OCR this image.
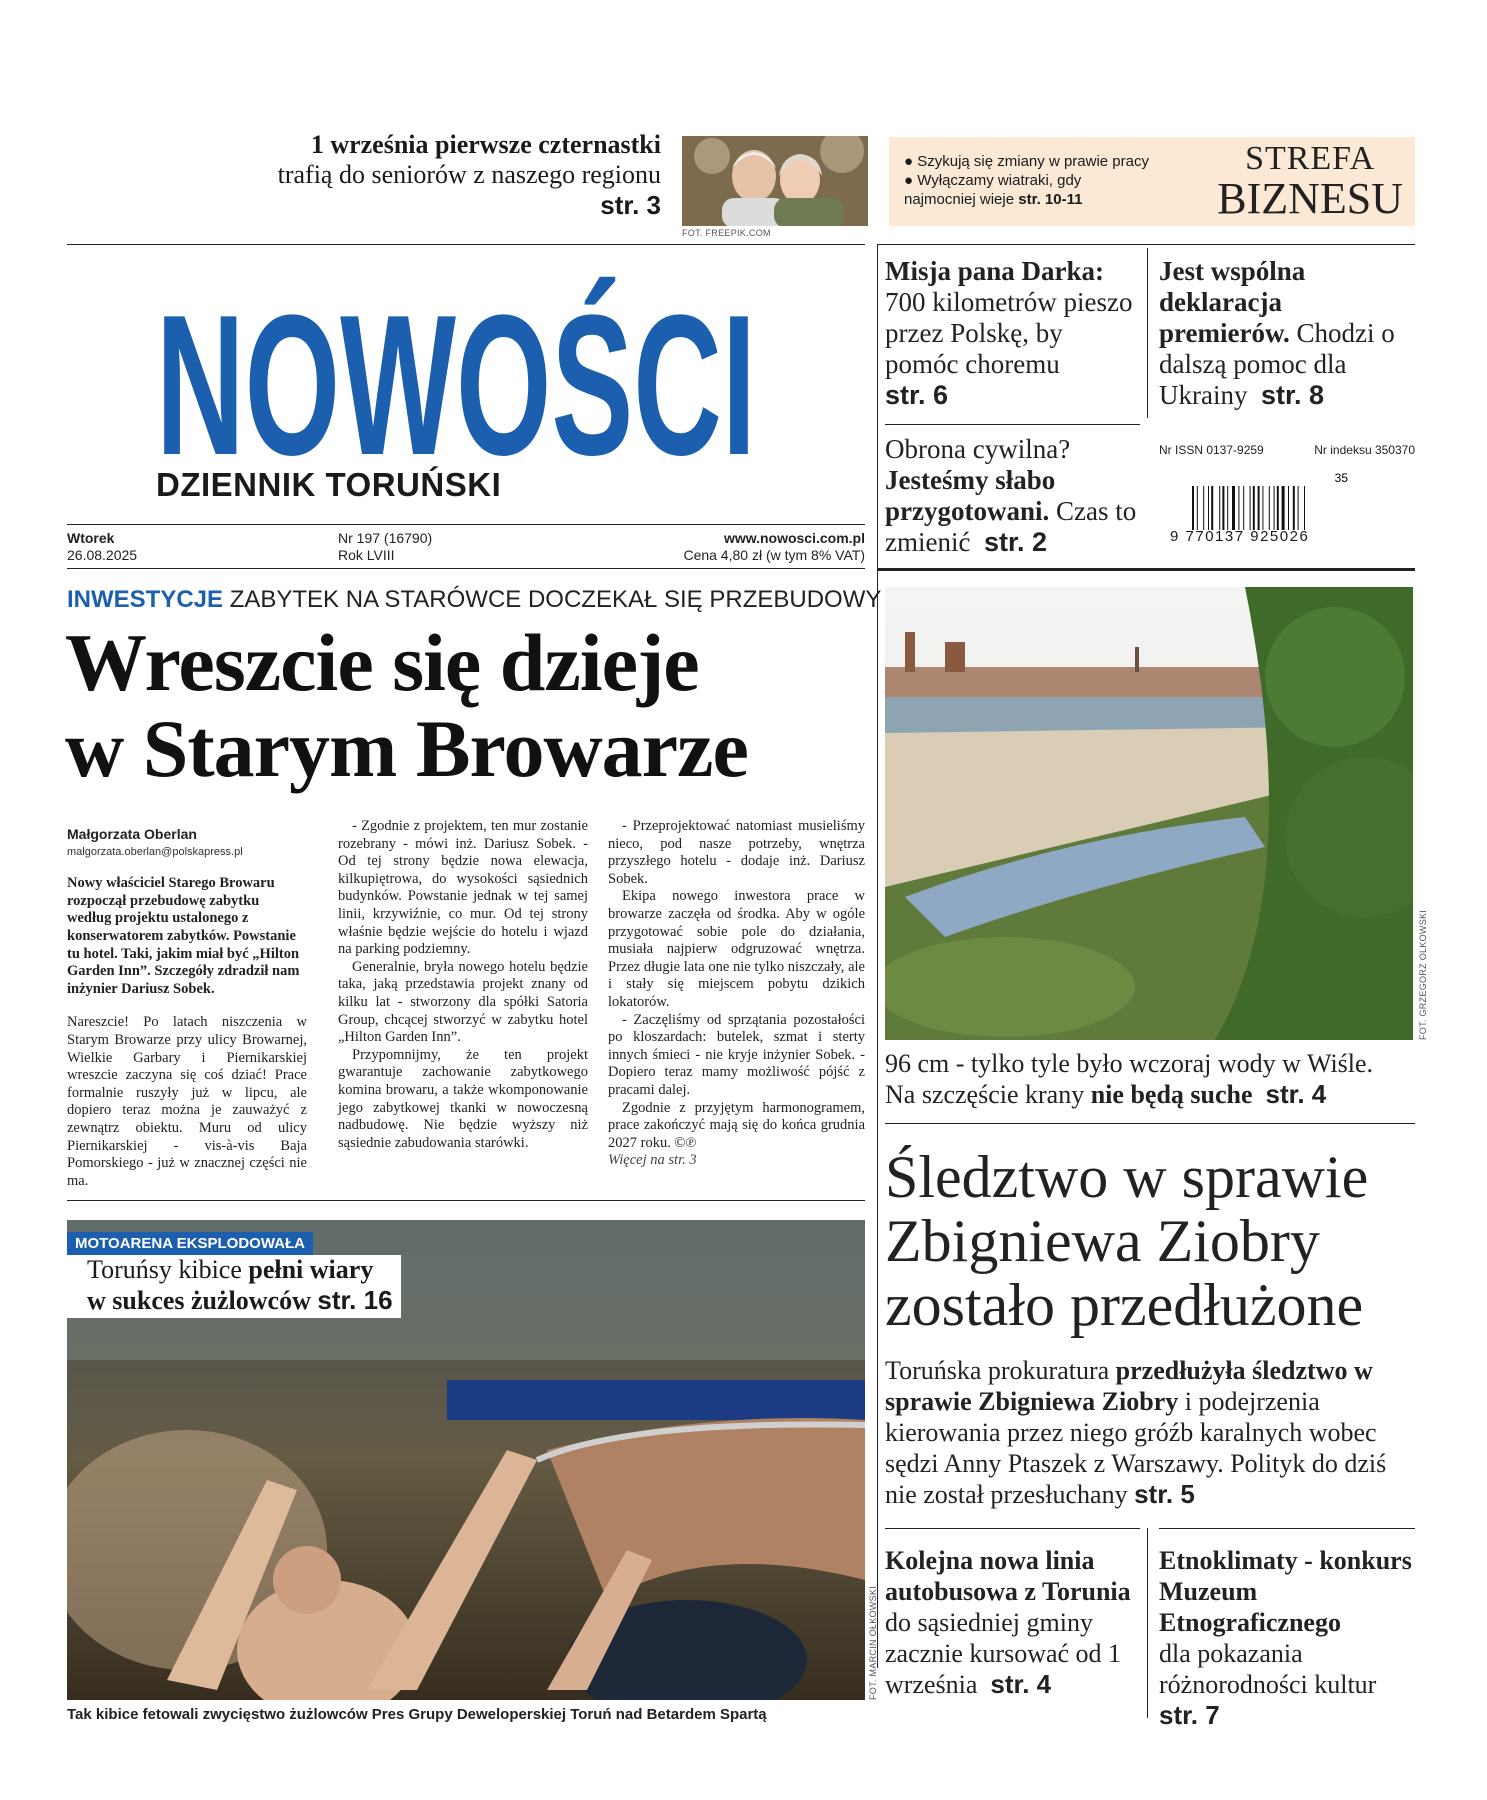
1 września pierwsze czternastki
trafią do seniorów z naszego regionu
str. 3
FOT. FREEPIK.COM
● Szykują się zmiany w prawie pracy ● Wyłączamy wiatraki, gdy najmocniej wieje str. 10-11
STREFA
BIZNESU
NOWOŚCI
DZIENNIK TORUŃSKI
Wtorek
26.08.2025
Nr 197 (16790)
Rok LVIII
www.nowosci.com.pl
Cena 4,80 zł (w tym 8% VAT)
Misja pana Darka:
700 kilometrów pieszo przez Polskę, by pomóc choremu
str. 6
Jest wspólna deklaracja premierów. Chodzi o dalszą pomoc dla Ukrainy str. 8
Obrona cywilna?
Jesteśmy słabo przygotowani. Czas to zmienić str. 2
Nr ISSN 0137-9259	Nr indeksu 350370
35
9 770137 925026
INWESTYCJE ZABYTEK NA STARÓWCE DOCZEKAŁ SIĘ PRZEBUDOWY
Wreszcie się dzieje
w Starym Browarze
Małgorzata Oberlan
malgorzata.oberlan@polskapress.pl

Nowy właściciel Starego Browaru rozpoczął przebudowę zabytku według projektu ustalonego z konserwatorem zabytków. Powstanie tu hotel. Taki, jakim miał być „Hilton Garden Inn”. Szczegóły zdradził nam inżynier Dariusz Sobek.

Nareszcie! Po latach niszczenia w Starym Browarze przy ulicy Browarnej, Wielkie Garbary i Piernikarskiej wreszcie zaczyna się coś dziać! Prace formalnie ruszyły już w lipcu, ale dopiero teraz można je zauważyć z zewnątrz obiektu. Muru od ulicy Piernikarskiej - vis-à-vis Baja Pomorskiego - już w znacznej części nie ma.

- Zgodnie z projektem, ten mur zostanie rozebrany - mówi inż. Dariusz Sobek. - Od tej strony będzie nowa elewacja, kilkupiętrowa, do wysokości sąsiednich budynków. Powstanie jednak w tej samej linii, krzywiźnie, co mur. Od tej strony właśnie będzie wejście do hotelu i wjazd na parking podziemny.

Generalnie, bryła nowego hotelu będzie taka, jaką przedstawia projekt znany od kilku lat - stworzony dla spółki Satoria Group, chcącej stworzyć w zabytku hotel „Hilton Garden Inn”.

Przypomnijmy, że ten projekt gwarantuje zachowanie zabytkowego komina browaru, a także wkomponowanie jego zabytkowej tkanki w nowoczesną nadbudowę. Nie będzie wyższy niż sąsiednie zabudowania starówki.

- Przeprojektować natomiast musieliśmy nieco, pod nasze potrzeby, wnętrza przyszłego hotelu - dodaje inż. Dariusz Sobek.

Ekipa nowego inwestora prace w browarze zaczęła od środka. Aby w ogóle przygotować sobie pole do działania, musiała najpierw odgruzować wnętrza. Przez długie lata one nie tylko niszczały, ale i stały się miejscem pobytu dzikich lokatorów.

- Zaczęliśmy od sprzątania pozostałości po kloszardach: butelek, szmat i sterty innych śmieci - nie kryje inżynier Sobek. - Dopiero teraz mamy możliwość pójść z pracami dalej.

Zgodnie z przyjętym harmonogramem, prace zakończyć mają się do końca grudnia 2027 roku. ©℗

Więcej na str. 3

MOTOARENA EKSPLODOWAŁA
Toruńsy kibice pełni wiary
w sukces żużlowców str. 16
FOT. MARCIN OŁKOWSKI
Tak kibice fetowali zwycięstwo żużlowców Pres Grupy Deweloperskiej Toruń nad Betardem Spartą
FOT. GRZEGORZ OLKOWSKI
96 cm - tylko tyle było wczoraj wody w Wiśle.
Na szczęście krany nie będą suche str. 4
Śledztwo w sprawie
Zbigniewa Ziobry
zostało przedłużone
Toruńska prokuratura przedłużyła śledztwo w sprawie Zbigniewa Ziobry i podejrzenia kierowania przez niego gróźb karalnych wobec sędzi Anny Ptaszek z Warszawy. Polityk do dziś nie został przesłuchany str. 5
Kolejna nowa linia autobusowa z Torunia
do sąsiedniej gminy zacznie kursować od 1 września str. 4
Etnoklimaty - konkurs Muzeum Etnograficznego
dla pokazania różnorodności kultur str. 7
